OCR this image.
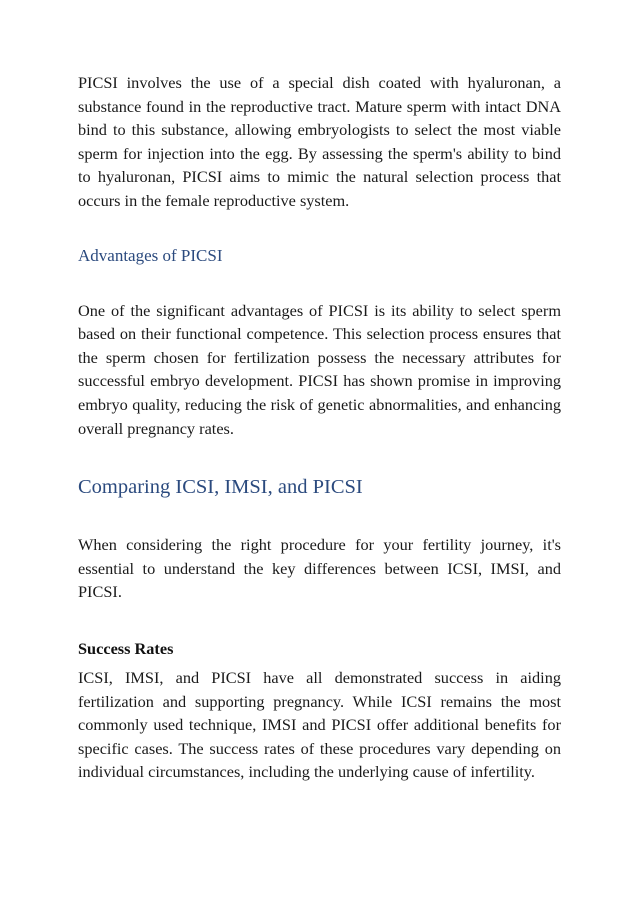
PICSI involves the use of a special dish coated with hyaluronan, a substance found in the reproductive tract. Mature sperm with intact DNA bind to this substance, allowing embryologists to select the most viable sperm for injection into the egg. By assessing the sperm's ability to bind to hyaluronan, PICSI aims to mimic the natural selection process that occurs in the female reproductive system.

Advantages of PICSI

One of the significant advantages of PICSI is its ability to select sperm based on their functional competence. This selection process ensures that the sperm chosen for fertilization possess the necessary attributes for successful embryo development. PICSI has shown promise in improving embryo quality, reducing the risk of genetic abnormalities, and enhancing overall pregnancy rates.

Comparing ICSI, IMSI, and PICSI

When considering the right procedure for your fertility journey, it's essential to understand the key differences between ICSI, IMSI, and PICSI.

Success Rates

ICSI, IMSI, and PICSI have all demonstrated success in aiding fertilization and supporting pregnancy. While ICSI remains the most commonly used technique, IMSI and PICSI offer additional benefits for specific cases. The success rates of these procedures vary depending on individual circumstances, including the underlying cause of infertility.
